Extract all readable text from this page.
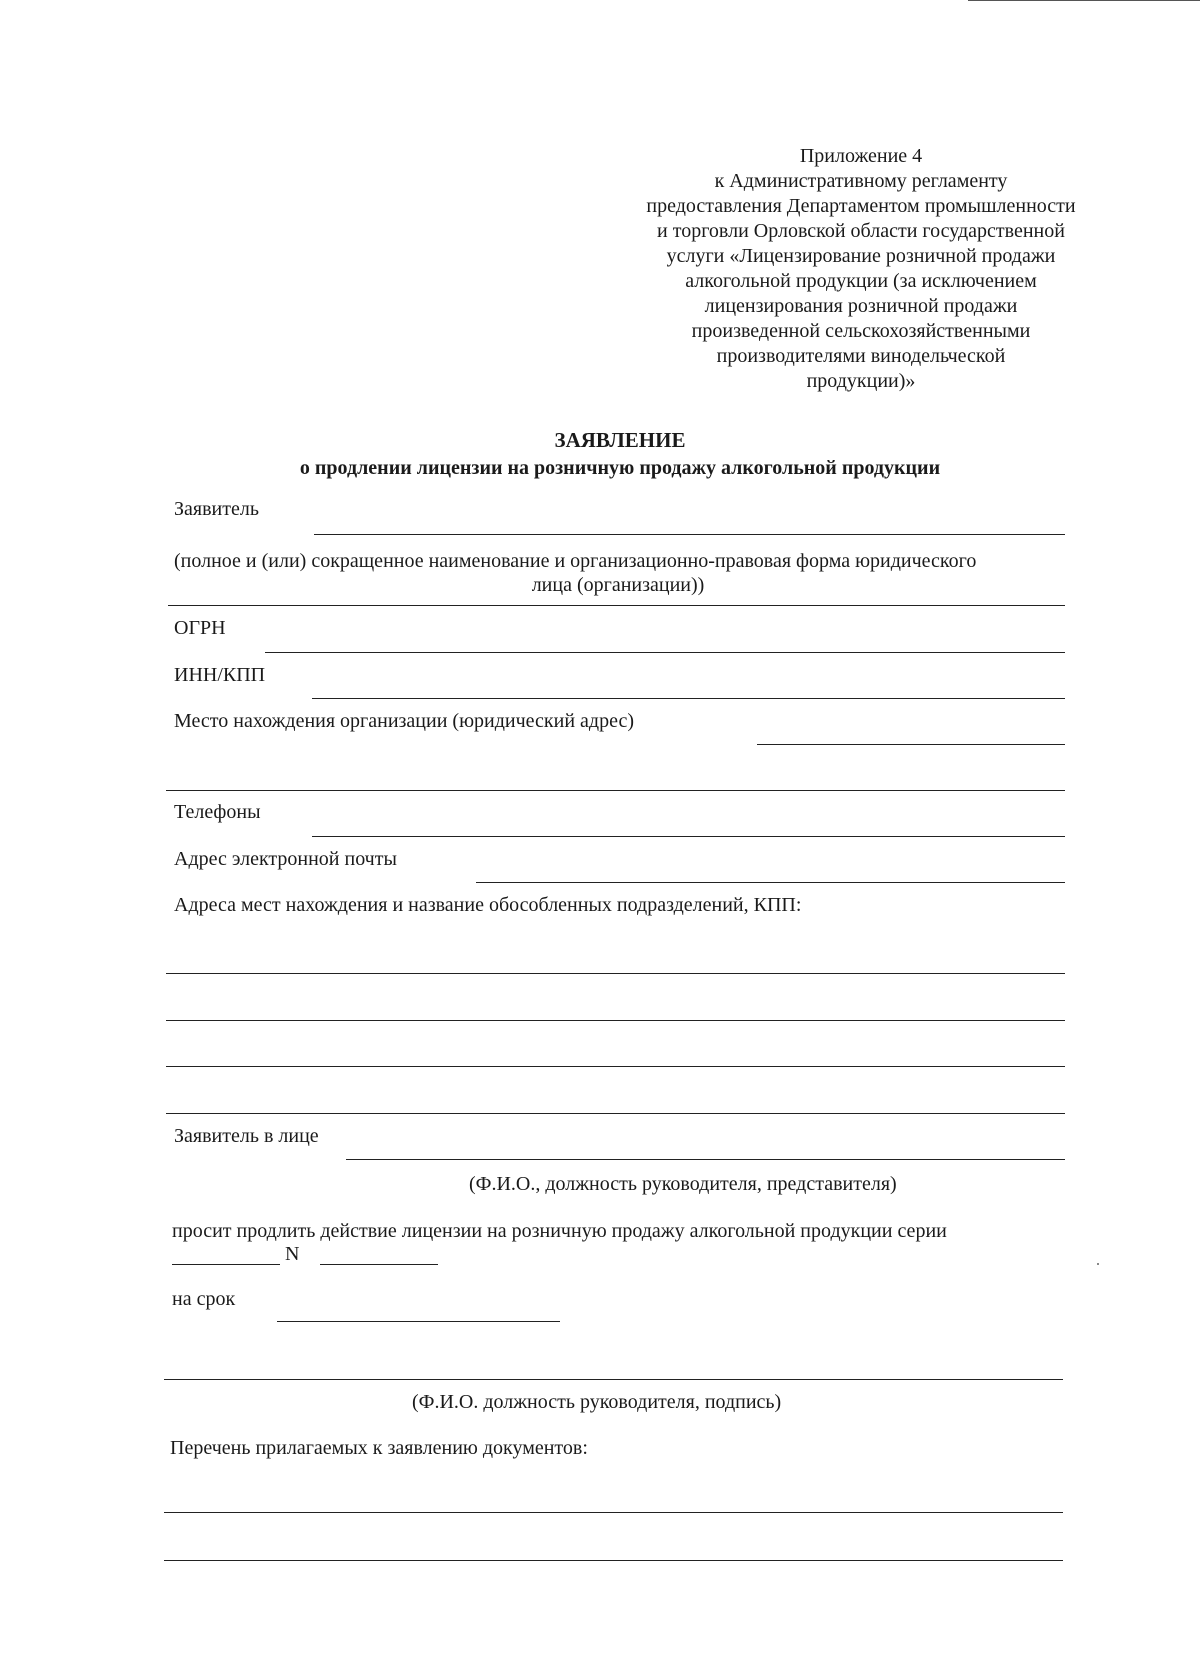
Приложение 4
к Административному регламенту
предоставления Департаментом промышленности
и торговли Орловской области государственной
услуги «Лицензирование розничной продажи
алкогольной продукции (за исключением
лицензирования розничной продажи
произведенной сельскохозяйственными
производителями винодельческой
продукции)»
ЗАЯВЛЕНИЕ
о продлении лицензии на розничную продажу алкогольной продукции
Заявитель
(полное и (или) сокращенное наименование и организационно-правовая форма юридического
лица (организации))
ОГРН
ИНН/КПП
Место нахождения организации (юридический адрес)
Телефоны
Адрес электронной почты
Адреса мест нахождения и название обособленных подразделений, КПП:
Заявитель в лице
(Ф.И.О., должность руководителя, представителя)
просит продлить действие лицензии на розничную продажу алкогольной продукции серии
N
на срок
(Ф.И.О. должность руководителя, подпись)
Перечень прилагаемых к заявлению документов:
